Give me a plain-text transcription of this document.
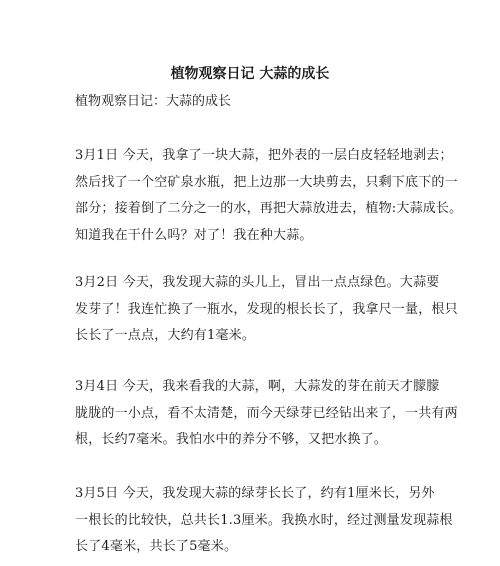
植物观察日记 大蒜的成长
植物观察日记：大蒜的成长
3月1日 今天，我拿了一块大蒜，把外表的一层白皮轻轻地剥去；
然后找了一个空矿泉水瓶，把上边那一大块剪去，只剩下底下的一
部分；接着倒了二分之一的水，再把大蒜放进去，植物:大蒜成长。
知道我在干什么吗？对了！我在种大蒜。
3月2日 今天，我发现大蒜的头儿上，冒出一点点绿色。大蒜要
发芽了！我连忙换了一瓶水，发现的根长长了，我拿尺一量，根只
长长了一点点，大约有1毫米。
3月4日 今天，我来看我的大蒜，啊，大蒜发的芽在前天才朦朦
胧胧的一小点，看不太清楚，而今天绿芽已经钻出来了，一共有两
根，长约7毫米。我怕水中的养分不够，又把水换了。
3月5日 今天，我发现大蒜的绿芽长长了，约有1厘米长，另外
一根长的比较快，总共长1.3厘米。我换水时，经过测量发现蒜根
长了4毫米，共长了5毫米。
